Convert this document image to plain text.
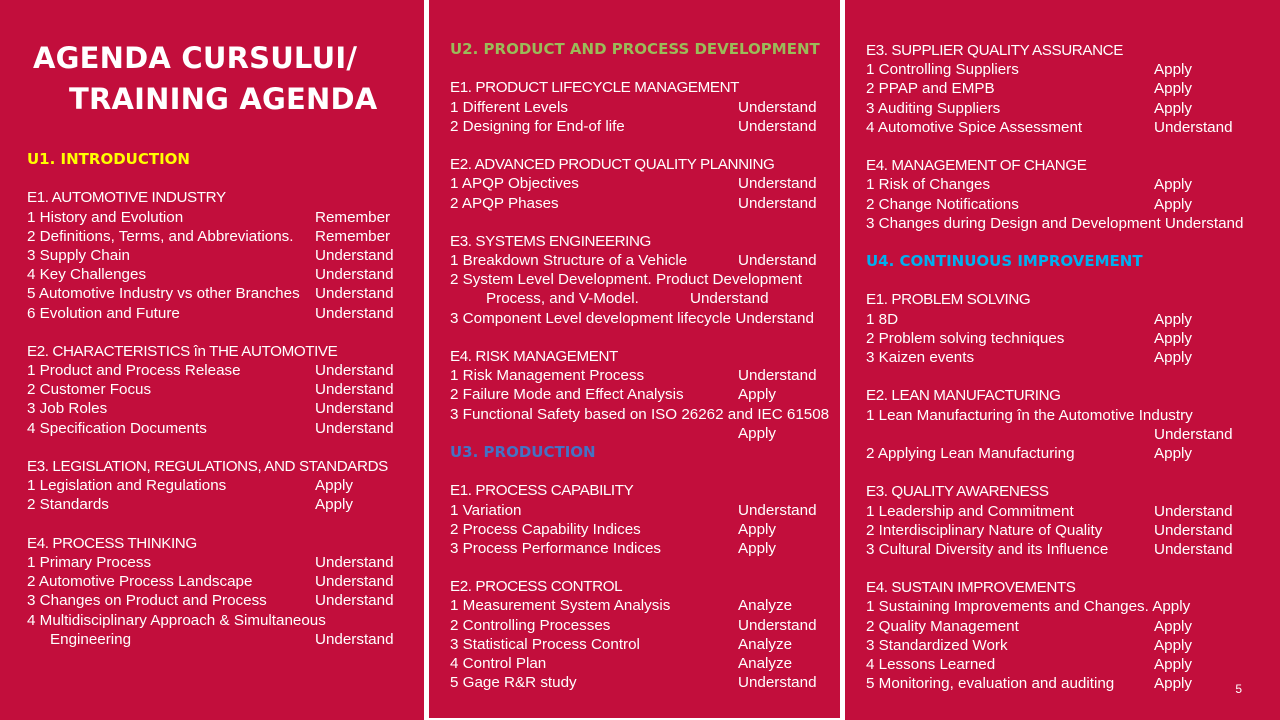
AGENDA CURSULUI/
TRAINING AGENDA
U1. INTRODUCTION
E1. AUTOMOTIVE INDUSTRY
1 History and Evolution	Remember
2 Definitions, Terms, and Abbreviations. Remember
3 Supply Chain	Understand
4 Key Challenges	Understand
5 Automotive Industry vs other Branches Understand
6 Evolution and Future	Understand
E2. CHARACTERISTICS în THE AUTOMOTIVE
1 Product and Process Release	Understand
2 Customer Focus	Understand
3 Job Roles	Understand
4 Specification Documents	Understand
E3. LEGISLATION, REGULATIONS, AND STANDARDS
1 Legislation and Regulations	Apply
2 Standards	Apply
E4. PROCESS THINKING
1 Primary Process	Understand
2 Automotive Process Landscape	Understand
3 Changes on Product and Process	Understand
4 Multidisciplinary Approach & Simultaneous
Engineering	Understand
U2. PRODUCT AND PROCESS DEVELOPMENT
E1. PRODUCT LIFECYCLE MANAGEMENT
1 Different Levels	Understand
2 Designing for End-of life	Understand
E2. ADVANCED PRODUCT QUALITY PLANNING
1 APQP Objectives	Understand
2 APQP Phases	Understand
E3. SYSTEMS ENGINEERING
1 Breakdown Structure of a Vehicle	Understand
2 System Level Development. Product Development
Process, and V-Model.	Understand
3 Component Level development lifecycle Understand
E4. RISK MANAGEMENT
1 Risk Management Process	Understand
2 Failure Mode and Effect Analysis	Apply
3 Functional Safety based on ISO 26262 and IEC 61508
Apply
U3. PRODUCTION
E1. PROCESS CAPABILITY
1 Variation	Understand
2 Process Capability Indices	Apply
3 Process Performance Indices	Apply
E2. PROCESS CONTROL
1 Measurement System Analysis	Analyze
2 Controlling Processes	Understand
3 Statistical Process Control	Analyze
4 Control Plan	Analyze
5 Gage R&R study	Understand
E3. SUPPLIER QUALITY ASSURANCE
1 Controlling Suppliers	Apply
2 PPAP and EMPB	Apply
3 Auditing Suppliers	Apply
4 Automotive Spice Assessment	Understand
E4. MANAGEMENT OF CHANGE
1 Risk of Changes	Apply
2 Change Notifications	Apply
3 Changes during Design and Development Understand
U4. CONTINUOUS IMPROVEMENT
E1. PROBLEM SOLVING
1 8D	Apply
2 Problem solving techniques	Apply
3 Kaizen events	Apply
E2. LEAN MANUFACTURING
1 Lean Manufacturing în the Automotive Industry
Understand
2 Applying Lean Manufacturing	Apply
E3. QUALITY AWARENESS
1 Leadership and Commitment	Understand
2 Interdisciplinary Nature of Quality	Understand
3 Cultural Diversity and its Influence	Understand
E4. SUSTAIN IMPROVEMENTS
1 Sustaining Improvements and Changes. Apply
2 Quality Management	Apply
3 Standardized Work	Apply
4 Lessons Learned	Apply
5 Monitoring, evaluation and auditing	Apply	5
